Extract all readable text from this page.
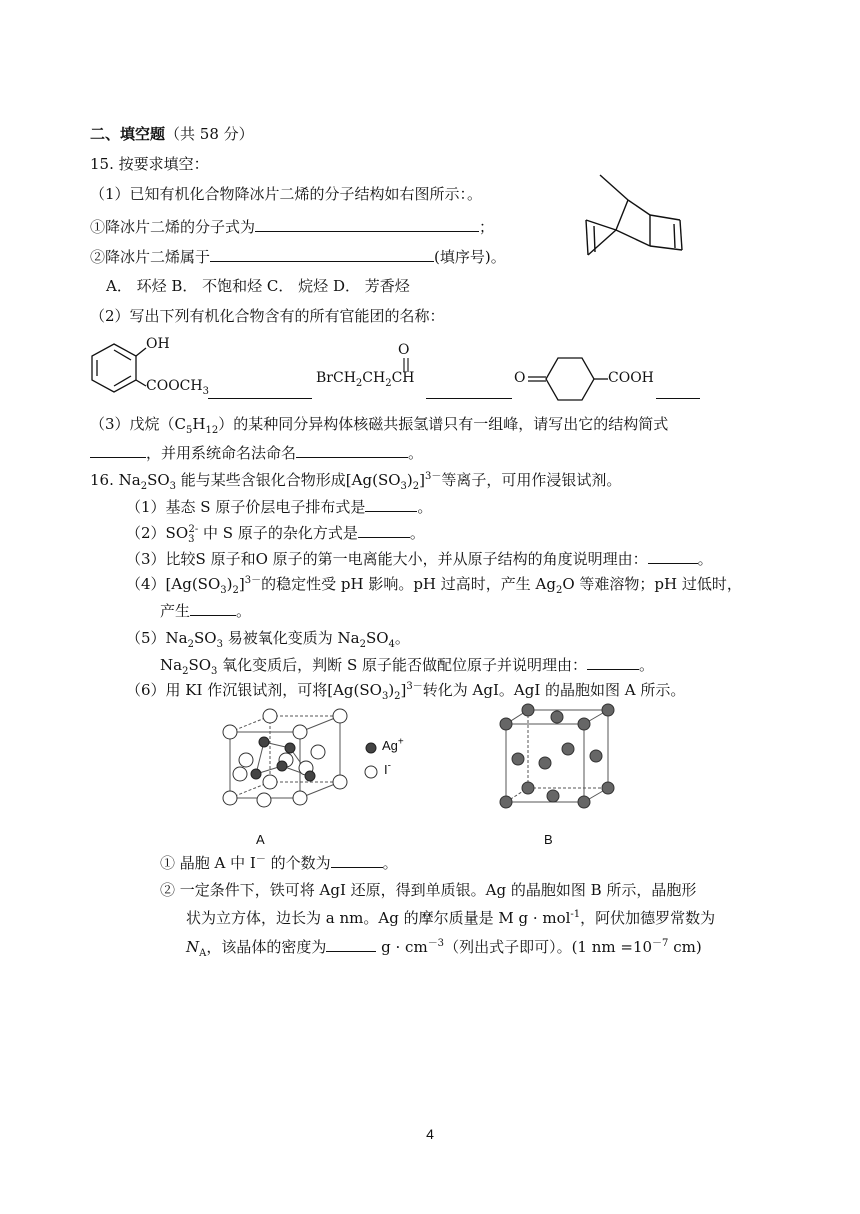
二、填空题（共 58 分）
15. 按要求填空：
（1）已知有机化合物降冰片二烯的分子结构如右图所示：。
①降冰片二烯的分子式为	；
②降冰片二烯属于	(填序号)。
A． 环烃 B． 不饱和烃 C． 烷烃 D． 芳香烃
（2）写出下列有机化合物含有的所有官能团的名称：
OH
$COOCH_3$
O
$BrCH_2CH_2CH$	O	COOH
（3）戊烷$(C_5H_{12})$的某种同分异构体核磁共振氢谱只有一组峰，请写出它的结构简式
，并用系统命名法命名	。
16. $Na_2SO_3$ 能与某些含银化合物形成$[Ag(SO_3)_2]^{3-}$等离子，可用作浸银试剂。
（1）基态 S 原子价层电子排布式是	。
$(2)SO_3^{2-}$ 中 S 原子的杂化方式是	。
（3）比较S 原子和O 原子的第一电离能大小，并从原子结构的角度说明理由：	。
$(4)[Ag(SO_3)_2]^{3-}$的稳定性受 pH 影响。pH 过高时，产生 $Ag_2O$ 等难溶物；pH 过低时，
产生	。
$(5)Na_2SO_3$ 易被氧化变质为 $Na_2SO_4$。
$Na_2SO_3$ 氧化变质后，判断 S 原子能否做配位原子并说明理由：	。
（6）用 KI 作沉银试剂，可将$[Ag(SO_3)_2]^{3-}$转化为 AgI。AgI 的晶胞如图 A 所示。
Ag+
I-
A	B
① 晶胞 A 中 I－ 的个数为	。
② 一定条件下，铁可将 AgI 还原，得到单质银。Ag 的晶胞如图 B 所示，晶胞形
状为立方体，边长为 a nm。Ag 的摩尔质量是 M g · mol$^{-1}$，阿伏加德罗常数为
$N_A$，该晶体的密度为	$g \cdot cm^{-3}$（列出式子即可）。(1 nm $=10^{-7}$ cm)
4
